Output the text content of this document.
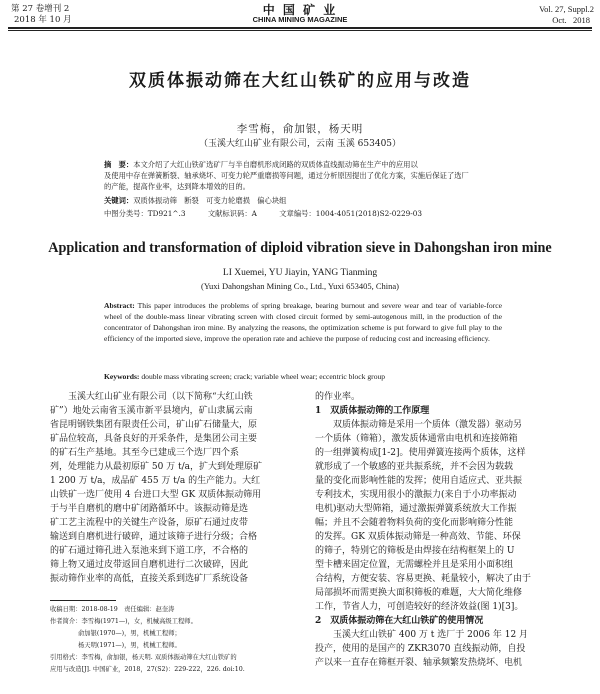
第 27 卷增刊 2
2018 年 10 月
中 国 矿 业
CHINA MINING MAGAZINE
Vol. 27, Suppl.2
Oct.   2018
双质体振动筛在大红山铁矿的应用与改造
李雪梅，俞加银，杨天明
（玉溪大红山矿业有限公司，云南 玉溪 653405）
摘　要：本文介绍了大红山铁矿选矿厂与半自磨机形成闭路的双质体直线振动筛在生产中的应用以
及使用中存在弹簧断裂、轴承烧坏、可变力轮严重磨损等问题，通过分析原因提出了优化方案，实施后保证了选厂
的产能，提高作业率，达到降本增效的目的。
关键词：双质体振动筛　断裂　可变力轮磨损　偏心块组
中图分类号：TD921^.3	文献标识码：A	文章编号：1004-4051(2018)S2-0229-03
Application and transformation of diploid vibration sieve in Dahongshan iron mine
LI Xuemei, YU Jiayin, YANG Tianming
(Yuxi Dahongshan Mining Co., Ltd., Yuxi 653405, China)
Abstract: This paper introduces the problems of spring breakage, bearing burnout and severe wear and tear of variable-force wheel of the double-mass linear vibrating screen with closed circuit formed by semi-autogenous mill, in the production of the concentrator of Dahongshan iron mine. By analyzing the reasons, the optimization scheme is put forward to give full play to the efficiency of the imported sieve, improve the operation rate and achieve the purpose of reducing cost and increasing efficiency.
Keywords: double mass vibrating screen; crack; variable wheel wear; eccentric block group
玉溪大红山矿业有限公司（以下简称“大红山铁
矿”）地处云南省玉溪市新平县境内，矿山隶属云南
省昆明钢铁集团有限责任公司，矿山矿石储量大，原
矿品位较高，具备良好的开采条件，是集团公司主要
的矿石生产基地。其至今已建成三个选厂四个系
列，处理能力从最初原矿 50 万 t/a，扩大到处理原矿
1 200 万 t/a，成品矿 455 万 t/a 的生产能力。大红
山铁矿一选厂使用 4 台进口大型 GK 双质体振动筛用
于与半自磨机的磨中矿闭路循环中。该振动筛是选
矿工艺主流程中的关键生产设备，原矿石通过皮带
输送到自磨机进行破碎，通过该筛子进行分级；合格
的矿石通过筛孔进入泵池来到下道工序，不合格的
筛上物又通过皮带返回自磨机进行二次破碎，因此
振动筛作业率的高低，直接关系到选矿厂系统设备
收稿日期：2018-08-19　责任编辑：赵奎涛
作者简介：李雪梅(1971—)，女，机械高级工程师。
俞加银(1970—)，男，机械工程师；
杨天明(1971—)，男，机械工程师。
引用格式：李雪梅，俞加银，杨天明. 双质体振动筛在大红山铁矿的
应用与改造[J]. 中国矿业，2018，27(S2)：229-222，226. doi:10.
的作业率。
1　双质体振动筛的工作原理
双质体振动筛是采用一个质体（激发器）驱动另
一个质体（筛箱），激发质体通常由电机和连接筛箱
的一组弹簧构成[1-2]。使用弹簧连接两个质体，这样
就形成了一个敏感的亚共振系统，并不会因为载载
量的变化而影响性能的发挥；使用自适应式、亚共振
专利技术，实现用很小的激振力(来自于小功率振动
电机)驱动大型筛箱，通过激振弹簧系统放大工作振
幅；并且不会随着物料负荷的变化而影响筛分性能
的发挥。GK 双质体振动筛是一种高效、节能、环保
的筛子，特别它的筛板是由焊接在结构框架上的 U
型卡槽来固定位置，无需螺栓并且是采用小面积组
合结构，方便安装、容易更换、耗量较小，解决了由于
局部损坏而需更换大面积筛板的难题，大大简化维修
工作，节省人力，可创造较好的经济效益(图 1)[3]。
2　双质体振动筛在大红山铁矿的使用情况
玉溪大红山铁矿 400 万 t 选厂于 2006 年 12 月
投产，使用的是国产的 ZKR3070 直线振动筛，自投
产以来一直存在筛框开裂、轴承频繁发热烧坏、电机
